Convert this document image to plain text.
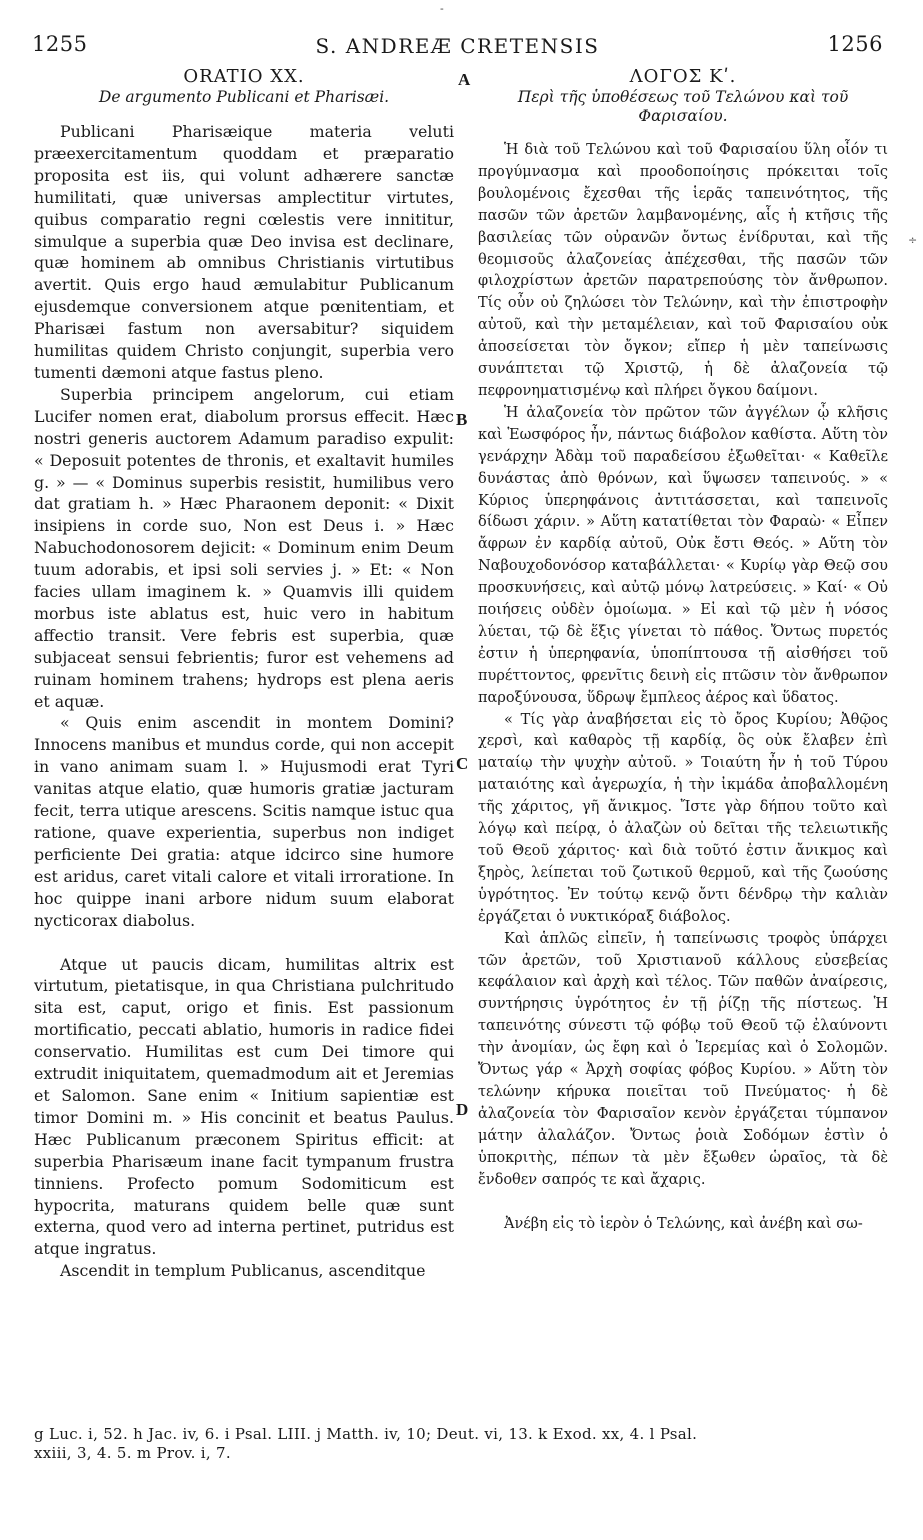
-
÷
1255	S. ANDREÆ CRETENSIS	1256
ORATIO XX.
De argumento Publicani et Pharisæi.

Publicani Pharisæique materia veluti præexercitamentum quoddam et præparatio proposita est iis, qui volunt adhærere sanctæ humilitati, quæ universas amplectitur virtutes, quibus comparatio regni cœlestis vere innititur, simulque a superbia quæ Deo invisa est declinare, quæ hominem ab omnibus Christianis virtutibus avertit. Quis ergo haud æmulabitur Publicanum ejusdemque conversionem atque pœnitentiam, et Pharisæi fastum non aversabitur? siquidem humilitas quidem Christo conjungit, superbia vero tumenti dæmoni atque fastus pleno.

Superbia principem angelorum, cui etiam Lucifer nomen erat, diabolum prorsus effecit. Hæc nostri generis auctorem Adamum paradiso expulit: « Deposuit potentes de thronis, et exaltavit humiles g. » — « Dominus superbis resistit, humilibus vero dat gratiam h. » Hæc Pharaonem deponit: « Dixit insipiens in corde suo, Non est Deus i. » Hæc Nabuchodonosorem dejicit: « Dominum enim Deum tuum adorabis, et ipsi soli servies j. » Et: « Non facies ullam imaginem k. » Quamvis illi quidem morbus iste ablatus est, huic vero in habitum affectio transit. Vere febris est superbia, quæ subjaceat sensui febrientis; furor est vehemens ad ruinam hominem trahens; hydrops est plena aeris et aquæ.

« Quis enim ascendit in montem Domini? Innocens manibus et mundus corde, qui non accepit in vano animam suam l. » Hujusmodi erat Tyri vanitas atque elatio, quæ humoris gratiæ jacturam fecit, terra utique arescens. Scitis namque istuc qua ratione, quave experientia, superbus non indiget perficiente Dei gratia: atque idcirco sine humore est aridus, caret vitali calore et vitali irroratione. In hoc quippe inani arbore nidum suum elaborat nycticorax diabolus.

Atque ut paucis dicam, humilitas altrix est virtutum, pietatisque, in qua Christiana pulchritudo sita est, caput, origo et finis. Est passionum mortificatio, peccati ablatio, humoris in radice fidei conservatio. Humilitas est cum Dei timore qui extrudit iniquitatem, quemadmodum ait et Jeremias et Salomon. Sane enim « Initium sapientiæ est timor Domini m. » His concinit et beatus Paulus. Hæc Publicanum præconem Spiritus efficit: at superbia Pharisæum inane facit tympanum frustra tinniens. Profecto pomum Sodomiticum est hypocrita, maturans quidem belle quæ sunt externa, quod vero ad interna pertinet, putridus est atque ingratus.

Ascendit in templum Publicanus, ascenditque

A
B
C
D
ΛΟΓΟΣ Κʹ.
Περὶ τῆς ὑποθέσεως τοῦ Τελώνου καὶ τοῦ Φαρισαίου.

Ἡ διὰ τοῦ Τελώνου καὶ τοῦ Φαρισαίου ὕλη οἷόν τι προγύμνασμα καὶ προοδοποίησις πρόκειται τοῖς βουλομένοις ἔχεσθαι τῆς ἱερᾶς ταπεινότητος, τῆς πασῶν τῶν ἀρετῶν λαμβανομένης, αἷς ἡ κτῆσις τῆς βασιλείας τῶν οὐρανῶν ὄντως ἐνίδρυται, καὶ τῆς θεομισοῦς ἀλαζονείας ἀπέχεσθαι, τῆς πασῶν τῶν φιλοχρίστων ἀρετῶν παρατρεπούσης τὸν ἄνθρωπον. Τίς οὖν οὐ ζηλώσει τὸν Τελώνην, καὶ τὴν ἐπιστροφὴν αὐτοῦ, καὶ τὴν μεταμέλειαν, καὶ τοῦ Φαρισαίου οὐκ ἀποσείσεται τὸν ὄγκον; εἴπερ ἡ μὲν ταπείνωσις συνάπτεται τῷ Χριστῷ, ἡ δὲ ἀλαζονεία τῷ πεφρονηματισμένῳ καὶ πλήρει ὄγκου δαίμονι.

Ἡ ἀλαζονεία τὸν πρῶτον τῶν ἀγγέλων ᾧ κλῆσις καὶ Ἑωσφόρος ἦν, πάντως διάβολον καθίστα. Αὕτη τὸν γενάρχην Ἀδὰμ τοῦ παραδείσου ἐξωθεῖται· « Καθεῖλε δυνάστας ἀπὸ θρόνων, καὶ ὕψωσεν ταπεινούς. » « Κύριος ὑπερηφάνοις ἀντιτάσσεται, καὶ ταπεινοῖς δίδωσι χάριν. » Αὕτη κατατίθεται τὸν Φαραὼ· « Εἶπεν ἄφρων ἐν καρδίᾳ αὐτοῦ, Οὐκ ἔστι Θεός. » Αὕτη τὸν Ναβουχοδονόσορ καταβάλλεται· « Κυρίῳ γὰρ Θεῷ σου προσκυνήσεις, καὶ αὐτῷ μόνῳ λατρεύσεις. » Καί· « Οὐ ποιήσεις οὐδὲν ὁμοίωμα. » Εἰ καὶ τῷ μὲν ἡ νόσος λύεται, τῷ δὲ ἕξις γίνεται τὸ πάθος. Ὄντως πυρετός ἐστιν ἡ ὑπερηφανία, ὑποπίπτουσα τῇ αἰσθήσει τοῦ πυρέττοντος, φρενῖτις δεινὴ εἰς πτῶσιν τὸν ἄνθρωπον παροξύνουσα, ὕδρωψ ἔμπλεος ἀέρος καὶ ὕδατος.

« Τίς γὰρ ἀναβήσεται εἰς τὸ ὄρος Κυρίου; Ἀθῷος χερσὶ, καὶ καθαρὸς τῇ καρδίᾳ, ὃς οὐκ ἔλαβεν ἐπὶ ματαίῳ τὴν ψυχὴν αὐτοῦ. » Τοιαύτη ἦν ἡ τοῦ Τύρου ματαιότης καὶ ἀγερωχία, ἡ τὴν ἰκμάδα ἀποβαλλομένη τῆς χάριτος, γῆ ἄνικμος. Ἴστε γὰρ δήπου τοῦτο καὶ λόγῳ καὶ πείρᾳ, ὁ ἀλαζὼν οὐ δεῖται τῆς τελειωτικῆς τοῦ Θεοῦ χάριτος· καὶ διὰ τοῦτό ἐστιν ἄνικμος καὶ ξηρὸς, λείπεται τοῦ ζωτικοῦ θερμοῦ, καὶ τῆς ζωούσης ὑγρότητος. Ἐν τούτῳ κενῷ ὄντι δένδρῳ τὴν καλιὰν ἐργάζεται ὁ νυκτικόραξ διάβολος.

Καὶ ἁπλῶς εἰπεῖν, ἡ ταπείνωσις τροφὸς ὑπάρχει τῶν ἀρετῶν, τοῦ Χριστιανοῦ κάλλους εὐσεβείας κεφάλαιον καὶ ἀρχὴ καὶ τέλος. Τῶν παθῶν ἀναίρεσις, συντήρησις ὑγρότητος ἐν τῇ ῥίζῃ τῆς πίστεως. Ἡ ταπεινότης σύνεστι τῷ φόβῳ τοῦ Θεοῦ τῷ ἐλαύνοντι τὴν ἀνομίαν, ὡς ἔφη καὶ ὁ Ἱερεμίας καὶ ὁ Σολομῶν. Ὄντως γάρ « Ἀρχὴ σοφίας φόβος Κυρίου. » Αὕτη τὸν τελώνην κήρυκα ποιεῖται τοῦ Πνεύματος· ἡ δὲ ἀλαζονεία τὸν Φαρισαῖον κενὸν ἐργάζεται τύμπανον μάτην ἀλαλάζον. Ὄντως ῥοιὰ Σοδόμων ἐστὶν ὁ ὑποκριτὴς, πέπων τὰ μὲν ἔξωθεν ὡραῖος, τὰ δὲ ἔνδοθεν σαπρός τε καὶ ἄχαρις.

Ἀνέβη εἰς τὸ ἱερὸν ὁ Τελώνης, καὶ ἀνέβη καὶ σω-

g Luc. i, 52. h Jac. iv, 6. i Psal. LIII. j Matth. iv, 10; Deut. vi, 13. k Exod. xx, 4. l Psal.
xxiii, 3, 4. 5. m Prov. i, 7.
